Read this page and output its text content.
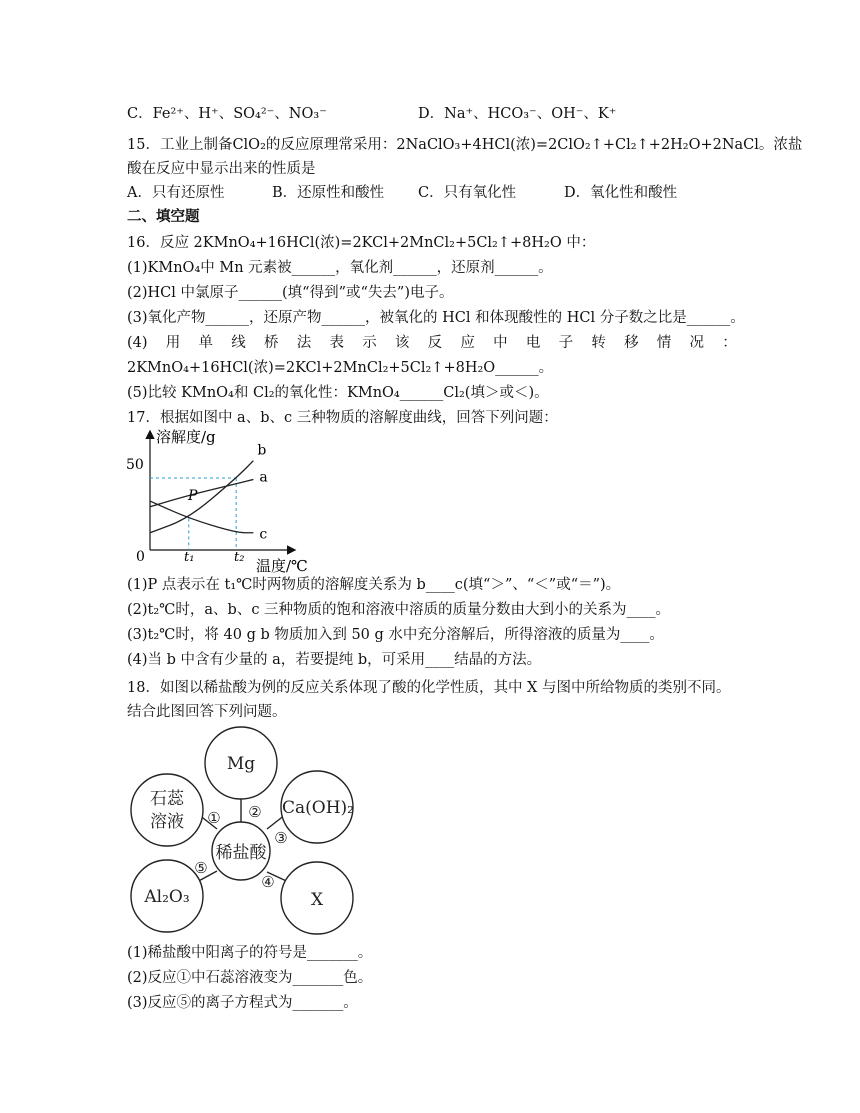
C．Fe²⁺、H⁺、SO₄²⁻、NO₃⁻	D．Na⁺、HCO₃⁻、OH⁻、K⁺
15．工业上制备ClO₂的反应原理常采用：2NaClO₃+4HCl(浓)=2ClO₂↑+Cl₂↑+2H₂O+2NaCl。浓盐
酸在反应中显示出来的性质是
A．只有还原性	B．还原性和酸性 C．只有氧化性	D．氧化性和酸性
二、填空题
16．反应 2KMnO₄+16HCl(浓)=2KCl+2MnCl₂+5Cl₂↑+8H₂O 中：
(1)KMnO₄中 Mn 元素被______，氧化剂______，还原剂______。
(2)HCl 中氯原子______(填“得到”或“失去”)电子。
(3)氧化产物______，还原产物______，被氧化的 HCl 和体现酸性的 HCl 分子数之比是______。
(4) 用 单 线 桥 法 表 示 该 反 应 中 电 子 转 移 情 况 ：
2KMnO₄+16HCl(浓)=2KCl+2MnCl₂+5Cl₂↑+8H₂O______。
(5)比较 KMnO₄和 Cl₂的氧化性：KMnO₄______Cl₂(填＞或＜)。
17．根据如图中 a、b、c 三种物质的溶解度曲线，回答下列问题：
b
a
c
溶解度/g
温度/℃
0
50
t₁	t₂
P
(1)P 点表示在 t₁℃时两物质的溶解度关系为 b____c(填“＞”、“＜”或“＝”)。
(2)t₂℃时，a、b、c 三种物质的饱和溶液中溶质的质量分数由大到小的关系为____。
(3)t₂℃时，将 40 g b 物质加入到 50 g 水中充分溶解后，所得溶液的质量为____。
(4)当 b 中含有少量的 a，若要提纯 b，可采用____结晶的方法。
18．如图以稀盐酸为例的反应关系体现了酸的化学性质，其中 X 与图中所给物质的类别不同。
结合此图回答下列问题。
Mg
石蕊
溶液
Ca(OH)₂
Al₂O₃	X
稀盐酸
① ②
③
④
⑤
(1)稀盐酸中阳离子的符号是_______。
(2)反应①中石蕊溶液变为_______色。
(3)反应⑤的离子方程式为_______。
